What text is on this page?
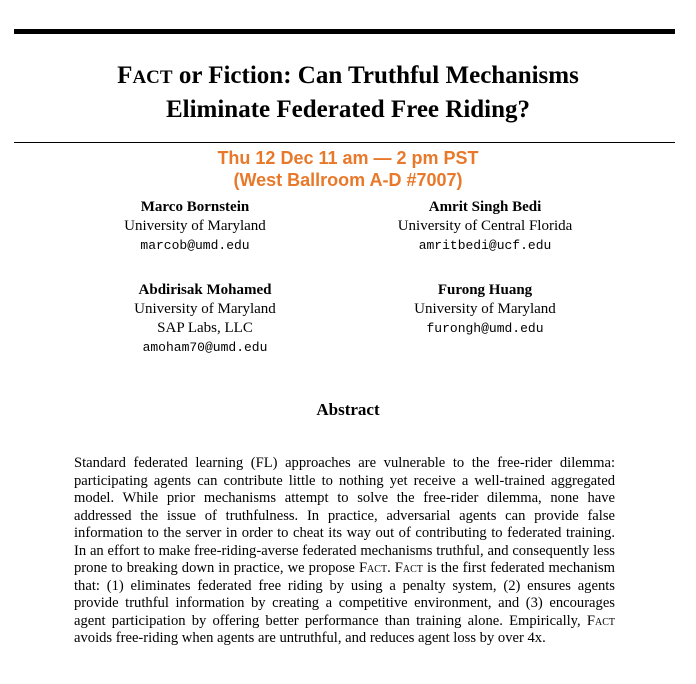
FACT or Fiction: Can Truthful Mechanisms
Eliminate Federated Free Riding?
Thu 12 Dec 11 am — 2 pm PST
(West Ballroom A-D #7007)
Marco Bornstein
University of Maryland
marcob@umd.edu
Amrit Singh Bedi
University of Central Florida
amritbedi@ucf.edu
Abdirisak Mohamed
University of Maryland
SAP Labs, LLC
amoham70@umd.edu
Furong Huang
University of Maryland
furongh@umd.edu
Abstract
Standard federated learning (FL) approaches are vulnerable to the free-rider dilemma: participating agents can contribute little to nothing yet receive a well-trained aggregated model. While prior mechanisms attempt to solve the free-rider dilemma, none have addressed the issue of truthfulness. In practice, adversarial agents can provide false information to the server in order to cheat its way out of contributing to federated training. In an effort to make free-riding-averse federated mechanisms truthful, and consequently less prone to breaking down in practice, we propose Fact. Fact is the first federated mechanism that: (1) eliminates federated free riding by using a penalty system, (2) ensures agents provide truthful information by creating a competitive environment, and (3) encourages agent participation by offering better performance than training alone. Empirically, Fact avoids free-riding when agents are untruthful, and reduces agent loss by over 4x.
